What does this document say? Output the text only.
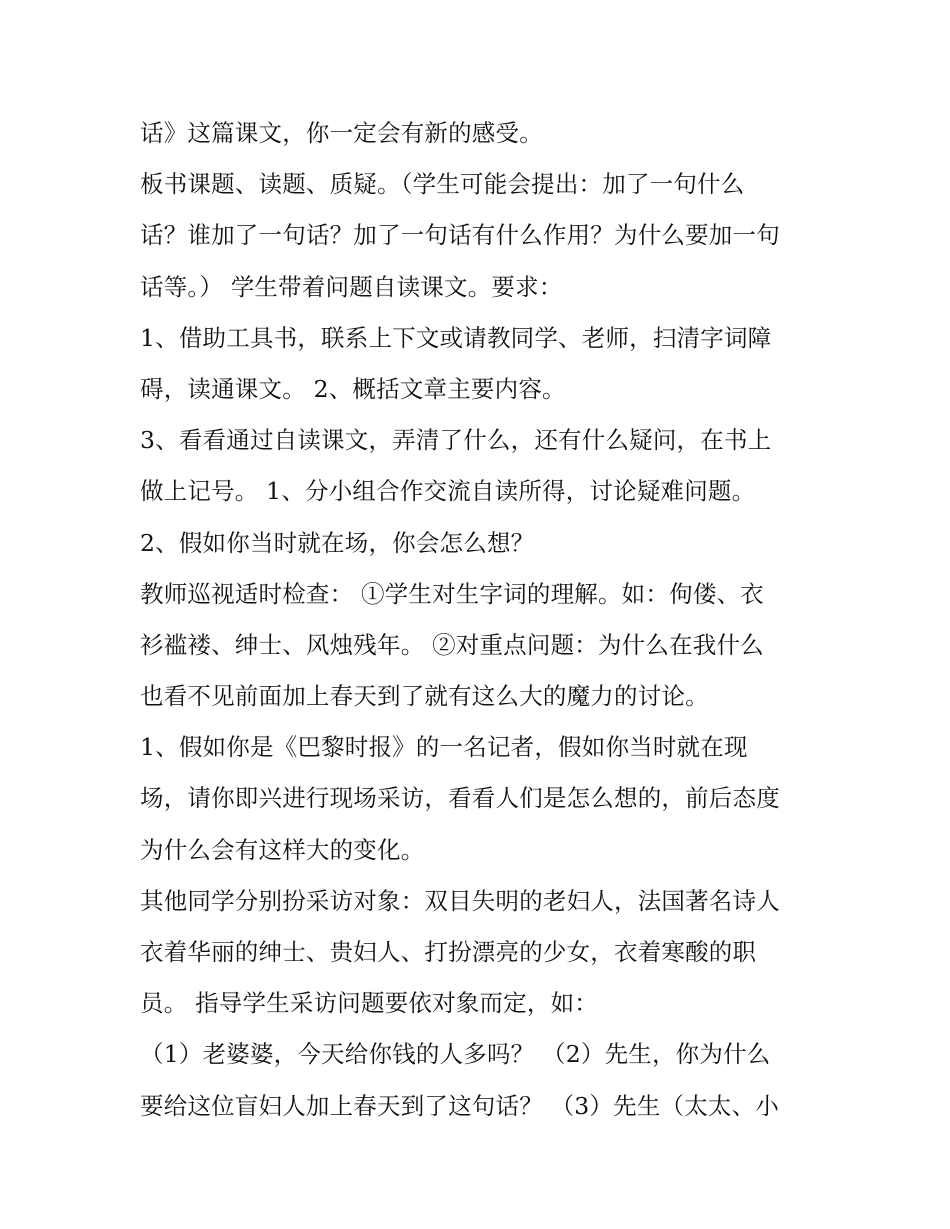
话》这篇课文，你一定会有新的感受。
板书课题、读题、质疑。（学生可能会提出：加了一句什么
话？谁加了一句话？加了一句话有什么作用？为什么要加一句
话等。） 学生带着问题自读课文。要求：
1、借助工具书，联系上下文或请教同学、老师，扫清字词障
碍，读通课文。 2、概括文章主要内容。
3、看看通过自读课文，弄清了什么，还有什么疑问，在书上
做上记号。 1、分小组合作交流自读所得，讨论疑难问题。
2、假如你当时就在场，你会怎么想？
教师巡视适时检查： ①学生对生字词的理解。如：佝偻、衣
衫褴褛、绅士、风烛残年。 ②对重点问题：为什么在我什么
也看不见前面加上春天到了就有这么大的魔力的讨论。
1、假如你是《巴黎时报》的一名记者，假如你当时就在现
场，请你即兴进行现场采访，看看人们是怎么想的，前后态度
为什么会有这样大的变化。
其他同学分别扮采访对象：双目失明的老妇人，法国著名诗人
衣着华丽的绅士、贵妇人、打扮漂亮的少女，衣着寒酸的职
员。 指导学生采访问题要依对象而定，如：
（1）老婆婆，今天给你钱的人多吗？ （2）先生，你为什么
要给这位盲妇人加上春天到了这句话？ （3）先生（太太、小
